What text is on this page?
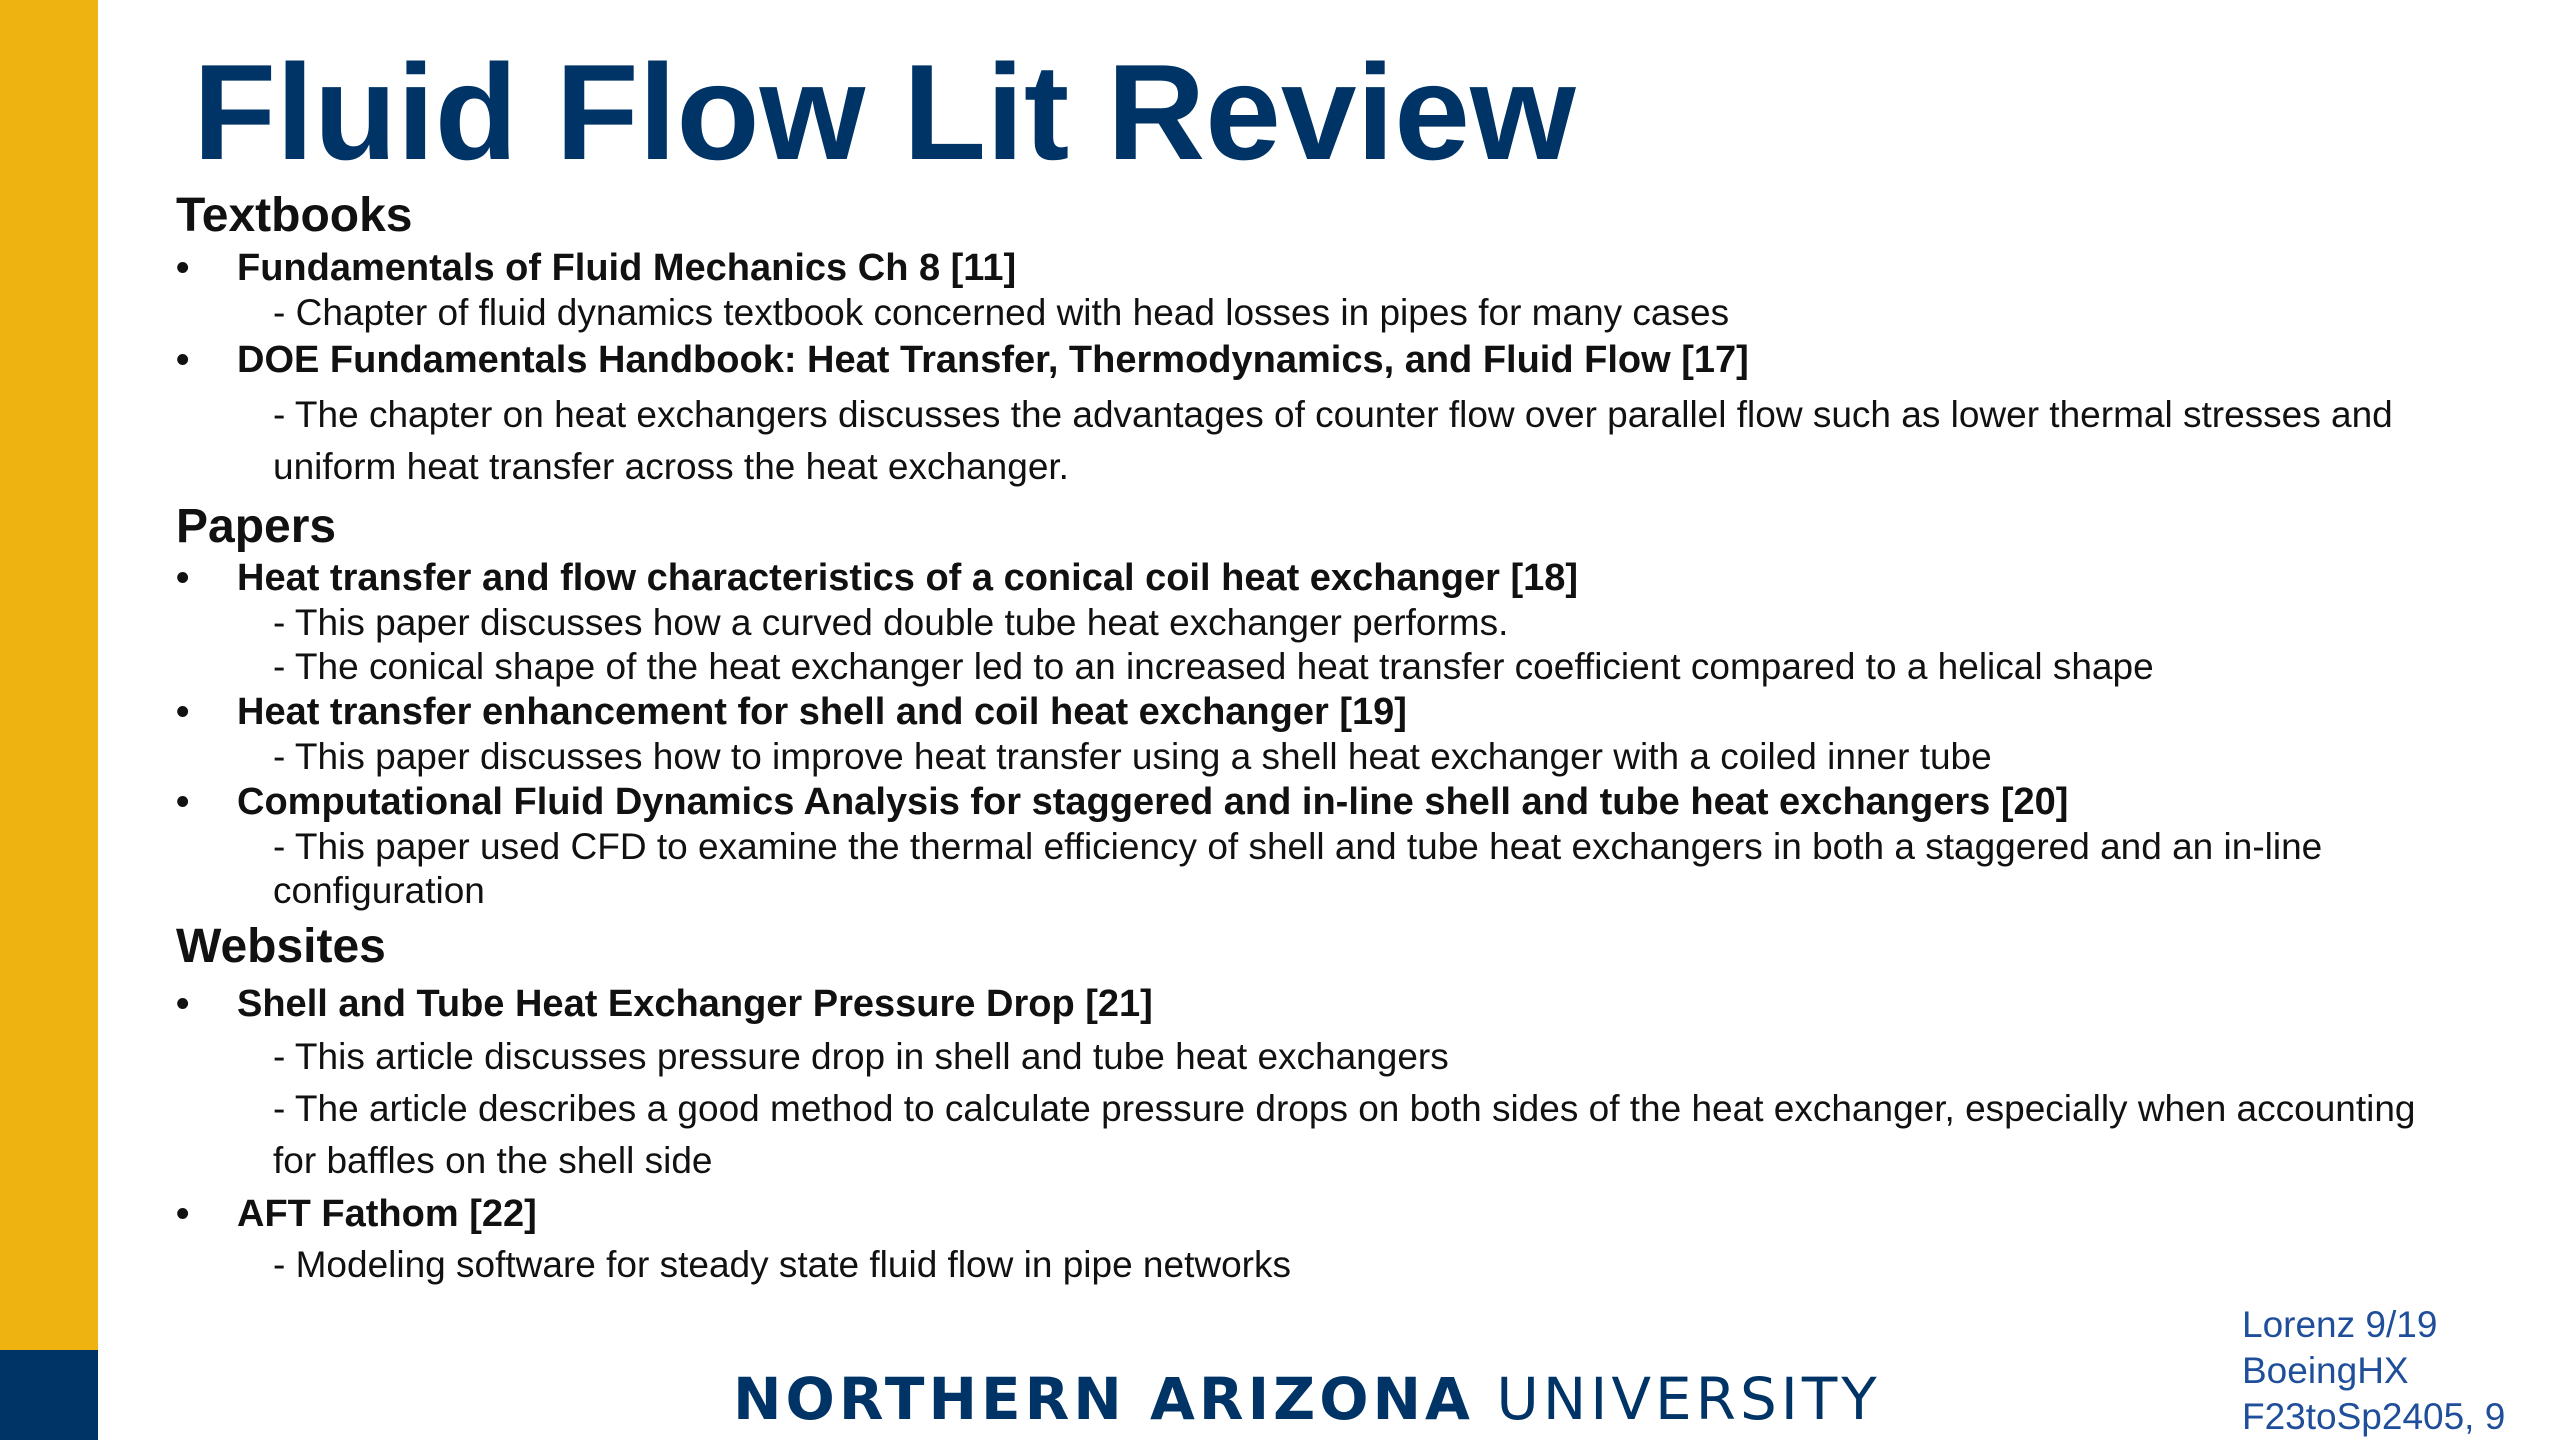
Fluid Flow Lit Review
Textbooks
• Fundamentals of Fluid Mechanics Ch 8 [11]
- Chapter of fluid dynamics textbook concerned with head losses in pipes for many cases
• DOE Fundamentals Handbook: Heat Transfer, Thermodynamics, and Fluid Flow [17]
- The chapter on heat exchangers discusses the advantages of counter flow over parallel flow such as lower thermal stresses and
uniform heat transfer across the heat exchanger.
Papers
• Heat transfer and flow characteristics of a conical coil heat exchanger [18]
- This paper discusses how a curved double tube heat exchanger performs.
- The conical shape of the heat exchanger led to an increased heat transfer coefficient compared to a helical shape
• Heat transfer enhancement for shell and coil heat exchanger [19]
- This paper discusses how to improve heat transfer using a shell heat exchanger with a coiled inner tube
• Computational Fluid Dynamics Analysis for staggered and in-line shell and tube heat exchangers [20]
- This paper used CFD to examine the thermal efficiency of shell and tube heat exchangers in both a staggered and an in-line
configuration
Websites
• Shell and Tube Heat Exchanger Pressure Drop [21]
- This article discusses pressure drop in shell and tube heat exchangers
- The article describes a good method to calculate pressure drops on both sides of the heat exchanger, especially when accounting
for baffles on the shell side
• AFT Fathom [22]
- Modeling software for steady state fluid flow in pipe networks
NORTHERN ARIZONA UNIVERSITY
Lorenz 9/19
BoeingHX
F23toSp2405, 9
